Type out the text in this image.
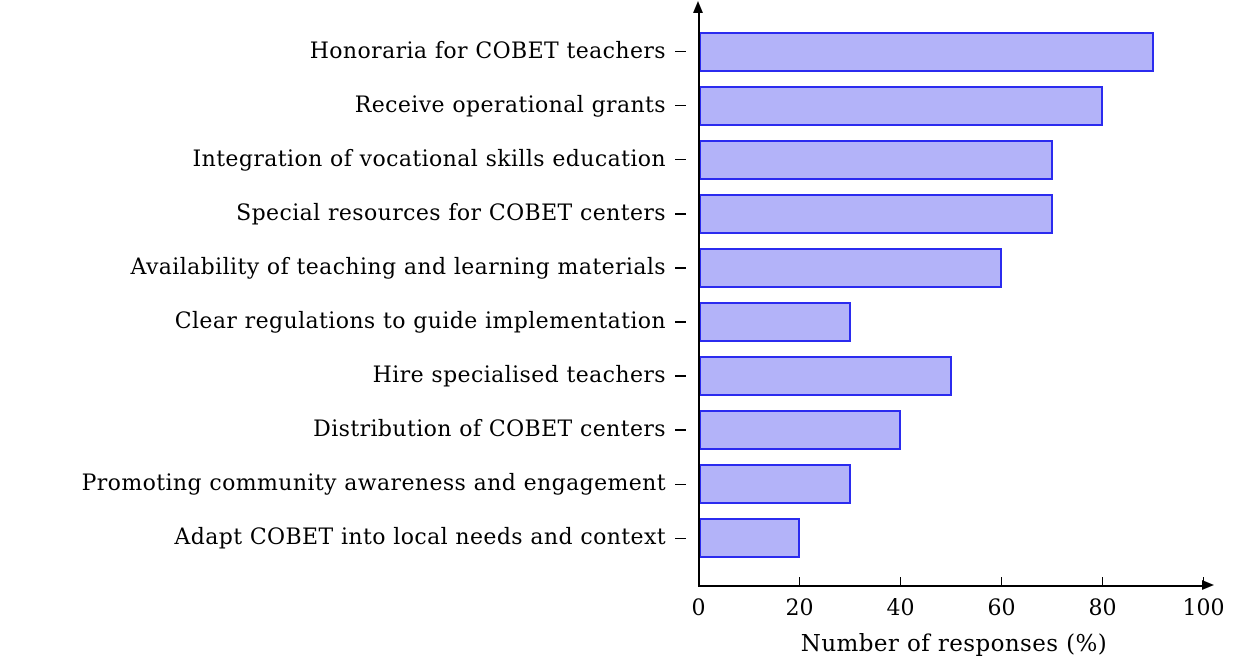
Honoraria for COBET teachers
Receive operational grants
Integration of vocational skills education
Special resources for COBET centers
Availability of teaching and learning materials
Clear regulations to guide implementation
Hire specialised teachers
Distribution of COBET centers
Promoting community awareness and engagement
Adapt COBET into local needs and context
0	20	40	60	80	100
Number of responses (%)
